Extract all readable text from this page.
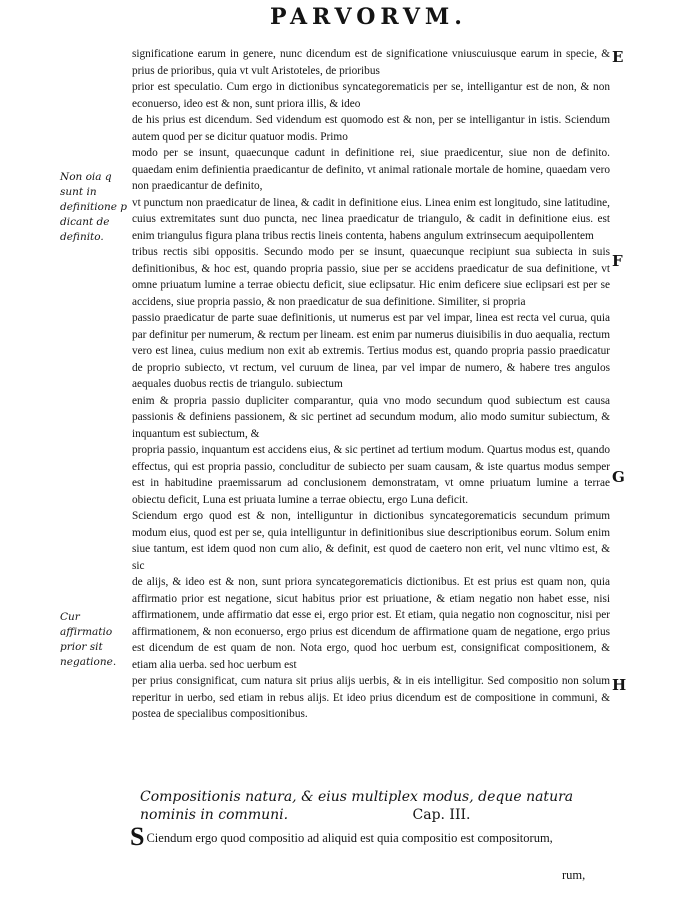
PARVORVM.
E
F
G
H
Non oia q sunt in definitione p dicant de definito.
Cur affirmatio prior sit negatione.

significatione earum in genere, nunc dicendum est de significatione vniuscuiusque earum in specie, & prius de prioribus, quia vt vult Aristoteles, de prioribus

prior est speculatio. Cum ergo in dictionibus syncategorematicis per se, intelligantur est de non, & non econuerso, ideo est & non, sunt priora illis, & ideo

de his prius est dicendum. Sed videndum est quomodo est & non, per se intelligantur in istis. Sciendum autem quod per se dicitur quatuor modis. Primo

modo per se insunt, quaecunque cadunt in definitione rei, siue praedicentur, siue non de definito. quaedam enim definientia praedicantur de definito, vt animal rationale mortale de homine, quaedam vero non praedicantur de definito,

vt punctum non praedicatur de linea, & cadit in definitione eius. Linea enim est longitudo, sine latitudine, cuius extremitates sunt duo puncta, nec linea praedicatur de triangulo, & cadit in definitione eius. est enim triangulus figura plana tribus rectis lineis contenta, habens angulum extrinsecum aequipollentem

tribus rectis sibi oppositis. Secundo modo per se insunt, quaecunque recipiunt sua subiecta in suis definitionibus, & hoc est, quando propria passio, siue per se accidens praedicatur de sua definitione, vt omne priuatum lumine a terrae obiectu deficit, siue eclipsatur. Hic enim deficere siue eclipsari est per se accidens, siue propria passio, & non praedicatur de sua definitione. Similiter, si propria

passio praedicatur de parte suae definitionis, ut numerus est par vel impar, linea est recta vel curua, quia par definitur per numerum, & rectum per lineam. est enim par numerus diuisibilis in duo aequalia, rectum vero est linea, cuius medium non exit ab extremis. Tertius modus est, quando propria passio praedicatur de proprio subiecto, vt rectum, vel curuum de linea, par vel impar de numero, & habere tres angulos aequales duobus rectis de triangulo. subiectum

enim & propria passio dupliciter comparantur, quia vno modo secundum quod subiectum est causa passionis & definiens passionem, & sic pertinet ad secundum modum, alio modo sumitur subiectum, & inquantum est subiectum, &

propria passio, inquantum est accidens eius, & sic pertinet ad tertium modum. Quartus modus est, quando effectus, qui est propria passio, concluditur de subiecto per suam causam, & iste quartus modus semper est in habitudine praemissarum ad conclusionem demonstratam, vt omne priuatum lumine a terrae obiectu deficit, Luna est priuata lumine a terrae obiectu, ergo Luna deficit.

Sciendum ergo quod est & non, intelliguntur in dictionibus syncategorematicis secundum primum modum eius, quod est per se, quia intelliguntur in definitionibus siue descriptionibus eorum. Solum enim siue tantum, est idem quod non cum alio, & definit, est quod de caetero non erit, vel nunc vltimo est, & sic

de alijs, & ideo est & non, sunt priora syncategorematicis dictionibus. Et est prius est quam non, quia affirmatio prior est negatione, sicut habitus prior est priuatione, & etiam negatio non habet esse, nisi affirmationem, unde affirmatio dat esse ei, ergo prior est. Et etiam, quia negatio non cognoscitur, nisi per affirmationem, & non econuerso, ergo prius est dicendum de affirmatione quam de negatione, ergo prius est dicendum de est quam de non. Nota ergo, quod hoc uerbum est, consignificat compositionem, & etiam alia uerba. sed hoc uerbum est

per prius consignificat, cum natura sit prius alijs uerbis, & in eis intelligitur. Sed compositio non solum reperitur in uerbo, sed etiam in rebus alijs. Et ideo prius dicendum est de compositione in communi, & postea de specialibus compositionibus.

Compositionis natura, & eius multiplex modus, deque natura nominis in communi.	Cap. III.
S Ciendum ergo quod compositio ad aliquid est quia compositio est compositorum,
rum,
